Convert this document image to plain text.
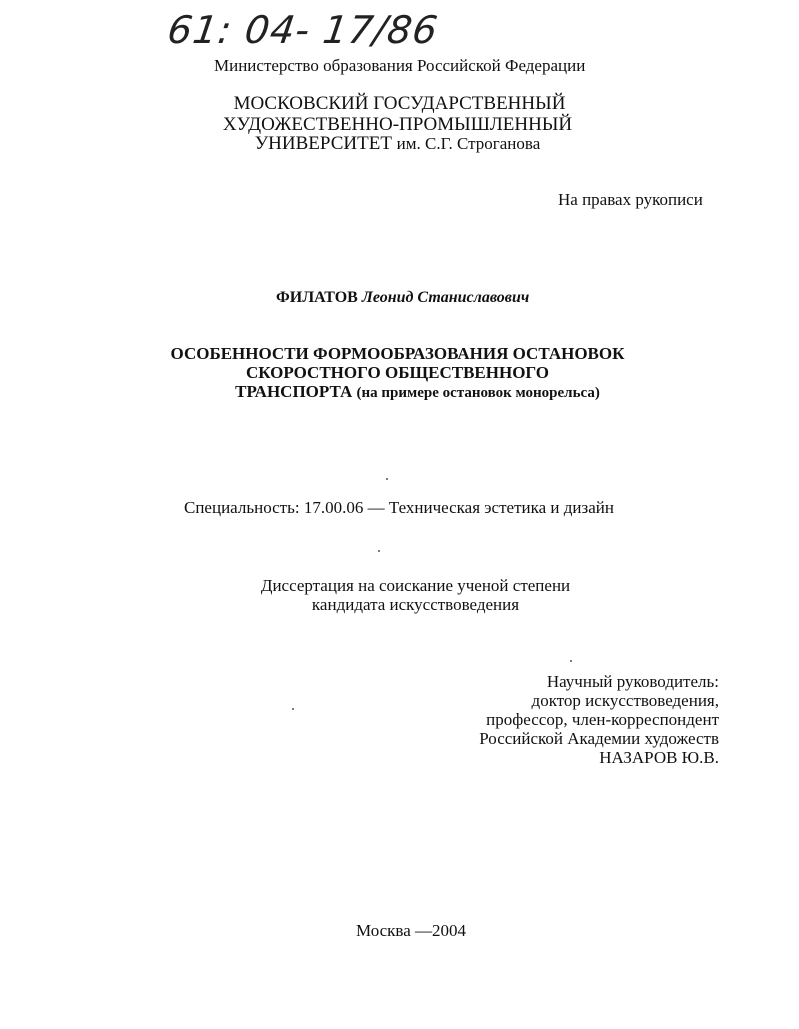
61: 04- 17/86
Министерство образования Российской Федерации
МОСКОВСКИЙ ГОСУДАРСТВЕННЫЙ
ХУДОЖЕСТВЕННО-ПРОМЫШЛЕННЫЙ
УНИВЕРСИТЕТ им. С.Г. Строганова
На правах рукописи
ФИЛАТОВ Леонид Станиславович
ОСОБЕННОСТИ ФОРМООБРАЗОВАНИЯ ОСТАНОВОК
СКОРОСТНОГО ОБЩЕСТВЕННОГО
ТРАНСПОРТА (на примере остановок монорельса)
Специальность: 17.00.06 — Техническая эстетика и дизайн
Диссертация на соискание ученой степени
кандидата искусствоведения
Научный руководитель:
доктор искусствоведения,
профессор, член-корреспондент
Российской Академии художеств
НАЗАРОВ Ю.В.
Москва —2004
